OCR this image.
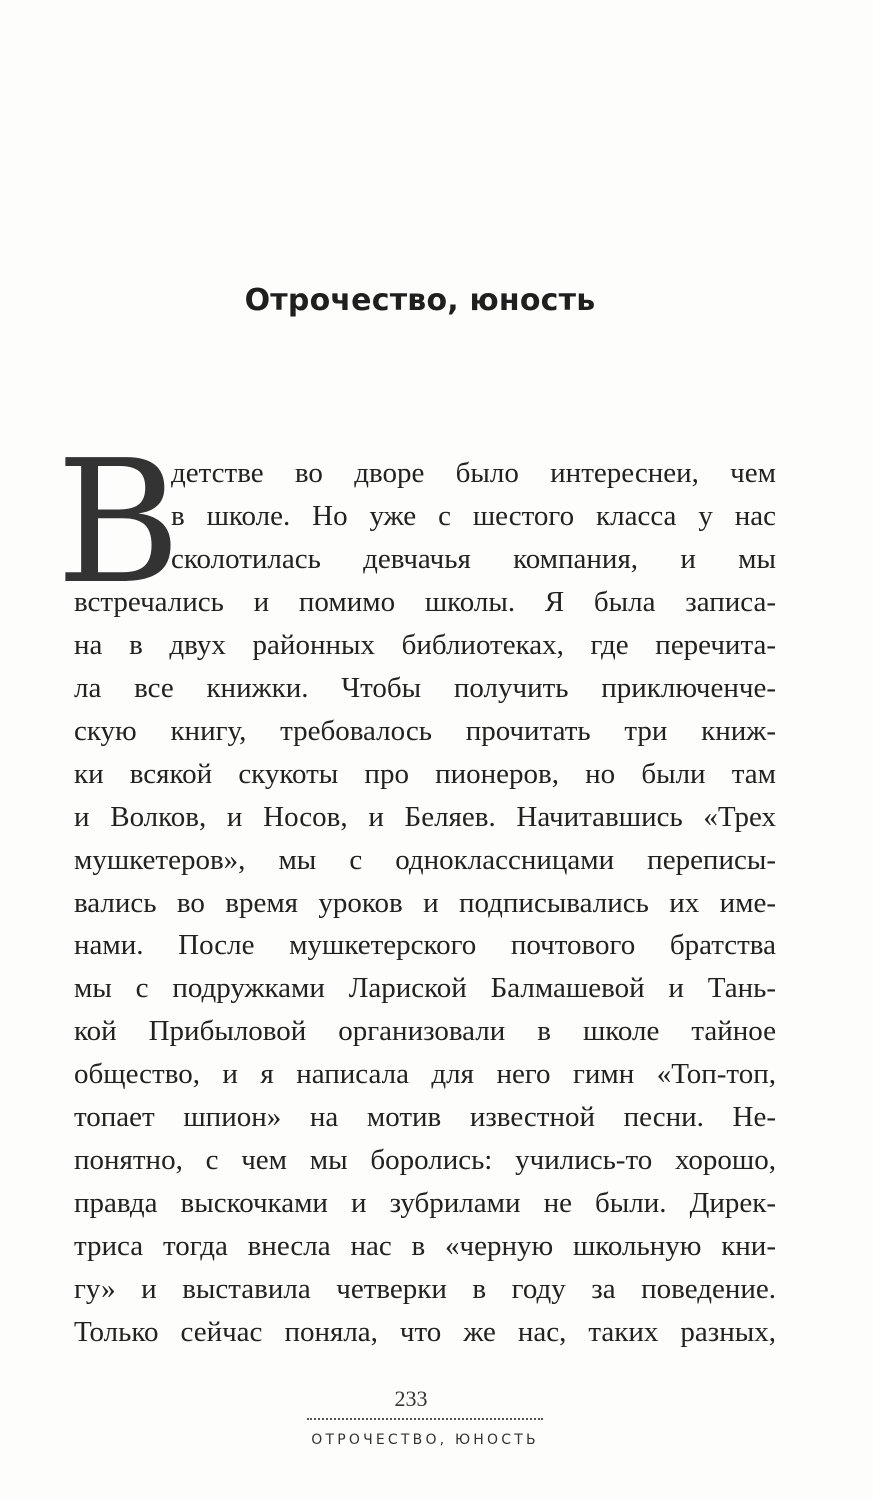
Отрочество, юность
В
детстве во дворе было интереснеи, чем
в школе. Но уже с шестого класса у нас
сколотилась девчачья компания, и мы
встречались и помимо школы. Я была записа-
на в двух районных библиотеках, где перечита-
ла все книжки. Чтобы получить приключенче-
скую книгу, требовалось прочитать три книж-
ки всякой скукоты про пионеров, но были там
и Волков, и Носов, и Беляев. Начитавшись «Трех
мушкетеров», мы с одноклассницами переписы-
вались во время уроков и подписывались их име-
нами. После мушкетерского почтового братства
мы с подружками Лариской Балмашевой и Тань-
кой Прибыловой организовали в школе тайное
общество, и я написала для него гимн «Топ-топ,
топает шпион» на мотив известной песни. Не-
понятно, с чем мы боролись: учились-то хорошо,
правда выскочками и зубрилами не были. Дирек-
триса тогда внесла нас в «черную школьную кни-
гу» и выставила четверки в году за поведение.
Только сейчас поняла, что же нас, таких разных,
233
ОТРОЧЕСТВО, ЮНОСТЬ
